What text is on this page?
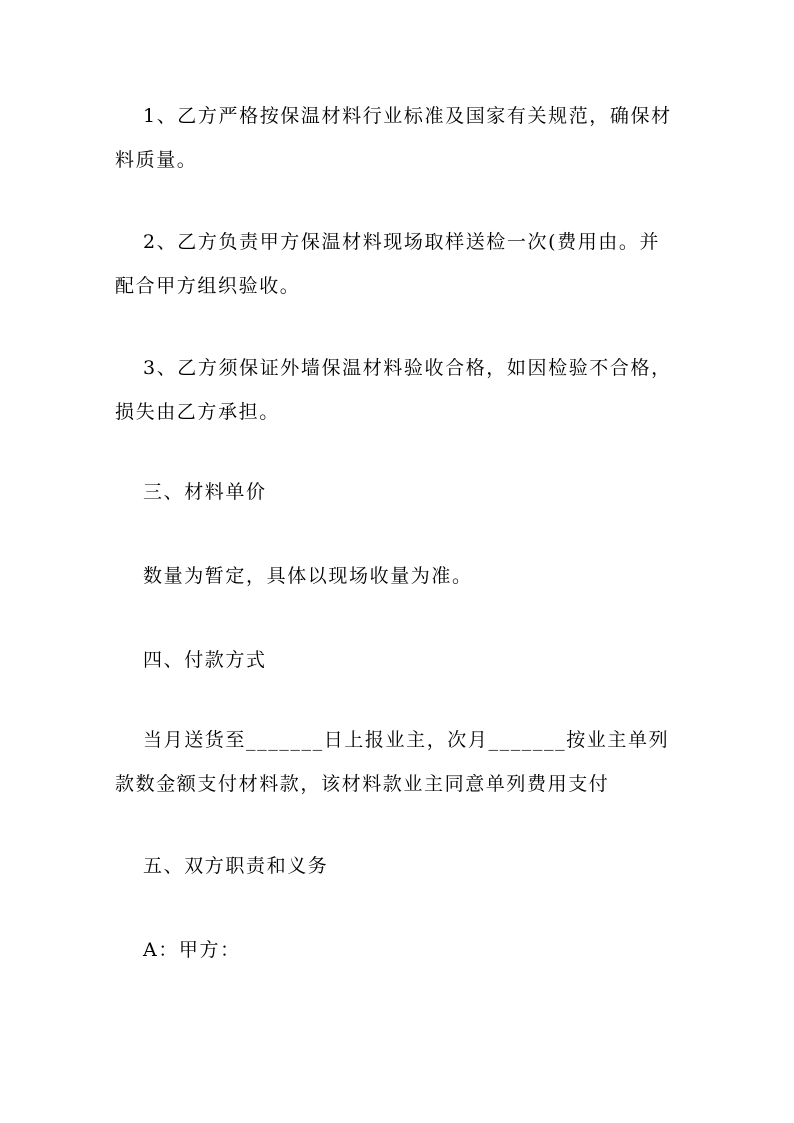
1、乙方严格按保温材料行业标准及国家有关规范，确保材料质量。

2、乙方负责甲方保温材料现场取样送检一次(费用由。并配合甲方组织验收。

3、乙方须保证外墙保温材料验收合格，如因检验不合格，损失由乙方承担。

三、材料单价

数量为暂定，具体以现场收量为准。

四、付款方式

当月送货至_______日上报业主，次月_______按业主单列款数金额支付材料款，该材料款业主同意单列费用支付

五、双方职责和义务

A：甲方：
